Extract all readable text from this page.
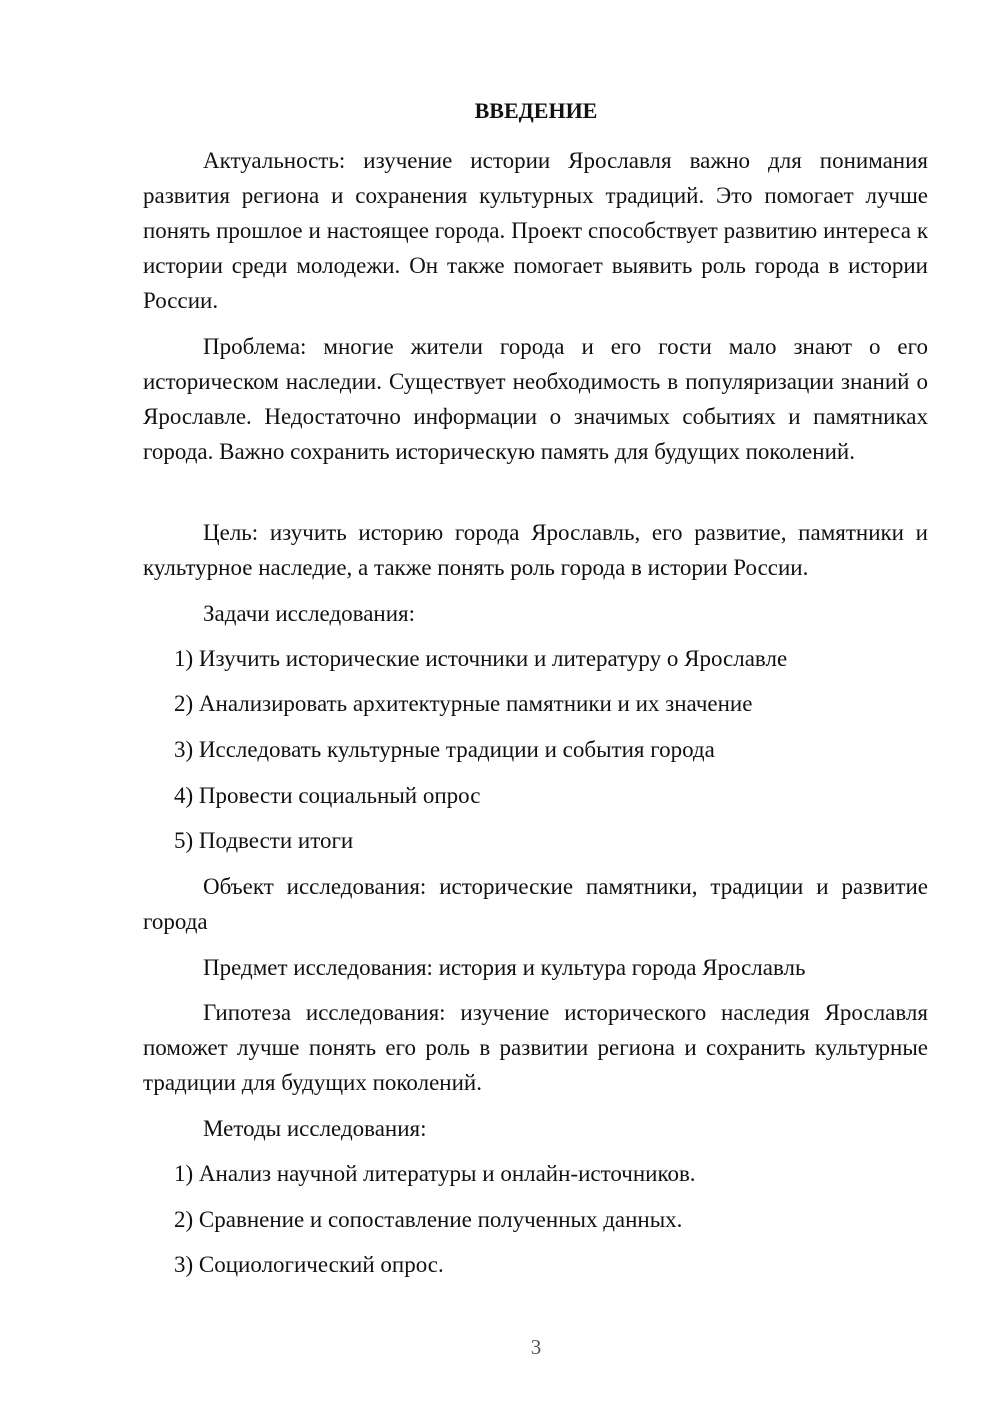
ВВЕДЕНИЕ

Актуальность: изучение истории Ярославля важно для понимания развития региона и сохранения культурных традиций. Это помогает лучше понять прошлое и настоящее города. Проект способствует развитию интереса к истории среди молодежи. Он также помогает выявить роль города в истории России.

Проблема: многие жители города и его гости мало знают о его историческом наследии. Существует необходимость в популяризации знаний о Ярославле. Недостаточно информации о значимых событиях и памятниках города. Важно сохранить историческую память для будущих поколений.

Цель: изучить историю города Ярославль, его развитие, памятники и культурное наследие, а также понять роль города в истории России.

Задачи исследования:

1) Изучить исторические источники и литературу о Ярославле

2) Анализировать архитектурные памятники и их значение

3) Исследовать культурные традиции и события города

4) Провести социальный опрос

5) Подвести итоги

Объект исследования: исторические памятники, традиции и развитие города

Предмет исследования: история и культура города Ярославль

Гипотеза исследования: изучение исторического наследия Ярославля поможет лучше понять его роль в развитии региона и сохранить культурные традиции для будущих поколений.

Методы исследования:

1) Анализ научной литературы и онлайн-источников.

2) Сравнение и сопоставление полученных данных.

3) Социологический опрос.

3
